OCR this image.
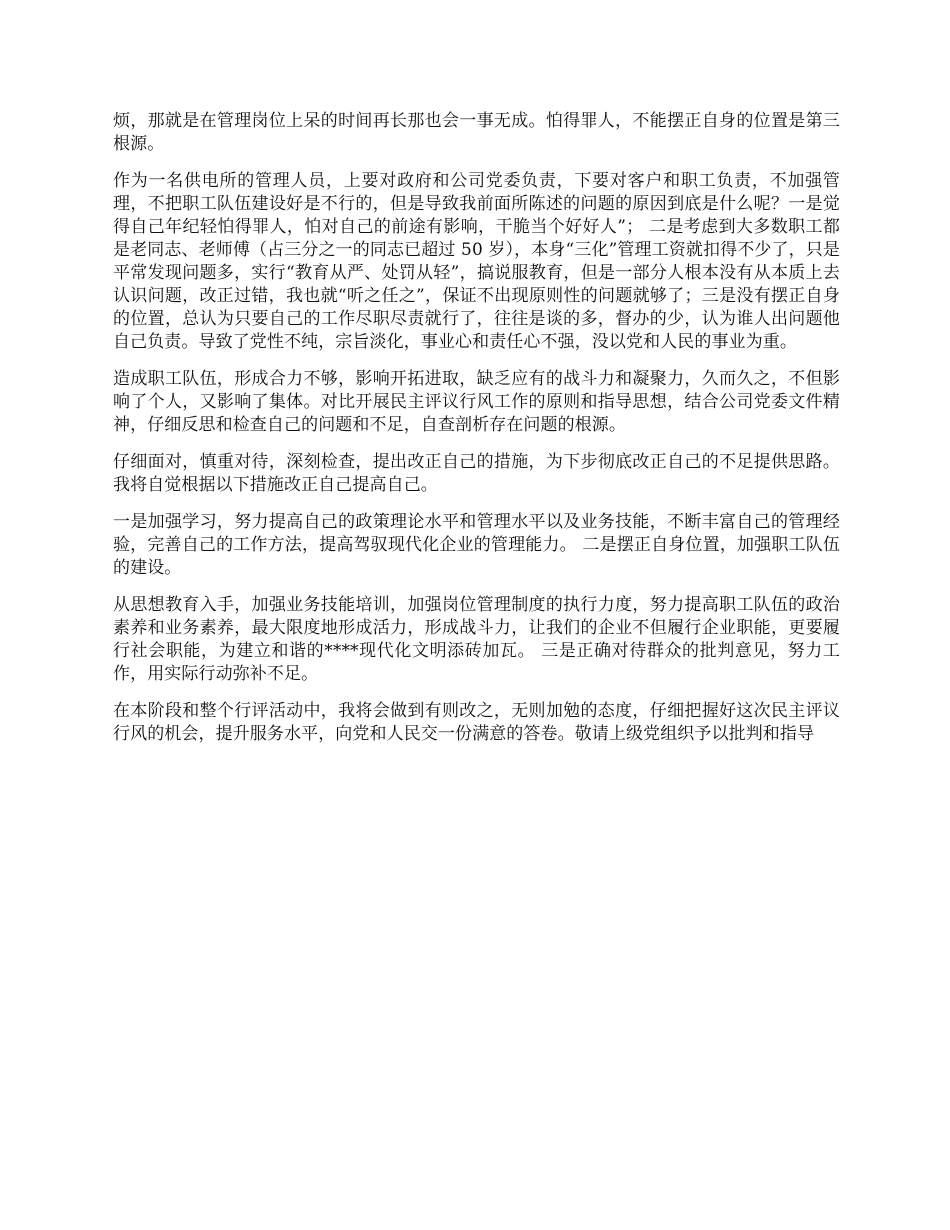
烦，那就是在管理岗位上呆的时间再长那也会一事无成。怕得罪人，不能摆正自身的位置是第三根源。

作为一名供电所的管理人员，上要对政府和公司党委负责，下要对客户和职工负责，不加强管理，不把职工队伍建设好是不行的，但是导致我前面所陈述的问题的原因到底是什么呢？一是觉得自己年纪轻怕得罪人，怕对自己的前途有影响，干脆当个好好人”； 二是考虑到大多数职工都是老同志、老师傅（占三分之一的同志已超过 50 岁），本身“三化”管理工资就扣得不少了，只是平常发现问题多，实行“教育从严、处罚从轻”，搞说服教育，但是一部分人根本没有从本质上去认识问题，改正过错，我也就“听之任之”，保证不出现原则性的问题就够了；三是没有摆正自身的位置，总认为只要自己的工作尽职尽责就行了，往往是谈的多，督办的少，认为谁人出问题他自己负责。导致了党性不纯，宗旨淡化，事业心和责任心不强，没以党和人民的事业为重。

造成职工队伍，形成合力不够，影响开拓进取，缺乏应有的战斗力和凝聚力，久而久之，不但影响了个人，又影响了集体。对比开展民主评议行风工作的原则和指导思想，结合公司党委文件精神，仔细反思和检查自己的问题和不足，自查剖析存在问题的根源。

仔细面对，慎重对待，深刻检查，提出改正自己的措施，为下步彻底改正自己的不足提供思路。 我将自觉根据以下措施改正自己提高自己。

一是加强学习，努力提高自己的政策理论水平和管理水平以及业务技能，不断丰富自己的管理经验，完善自己的工作方法，提高驾驭现代化企业的管理能力。 二是摆正自身位置，加强职工队伍的建设。

从思想教育入手，加强业务技能培训，加强岗位管理制度的执行力度，努力提高职工队伍的政治素养和业务素养，最大限度地形成活力，形成战斗力，让我们的企业不但履行企业职能，更要履行社会职能，为建立和谐的****现代化文明添砖加瓦。 三是正确对待群众的批判意见，努力工作，用实际行动弥补不足。

在本阶段和整个行评活动中，我将会做到有则改之，无则加勉的态度，仔细把握好这次民主评议行风的机会，提升服务水平，向党和人民交一份满意的答卷。敬请上级党组织予以批判和指导
